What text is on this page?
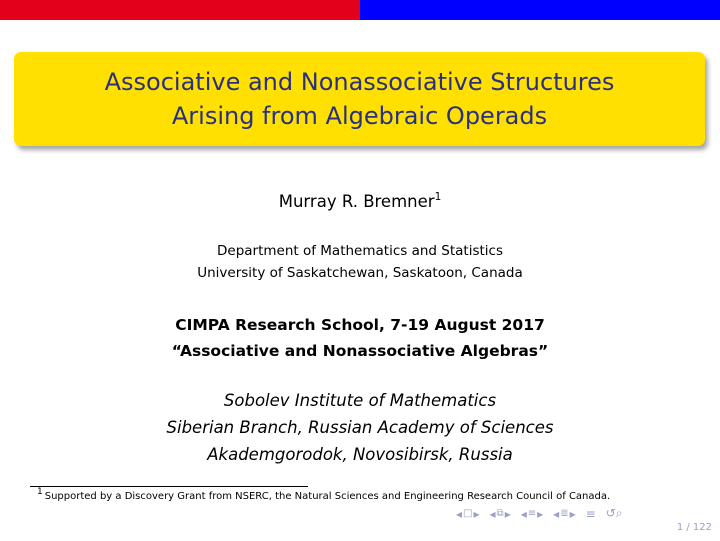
Associative and Nonassociative Structures
Arising from Algebraic Operads
Murray R. Bremner$^1$
Department of Mathematics and Statistics
University of Saskatchewan, Saskatoon, Canada
CIMPA Research School, 7-19 August 2017
“Associative and Nonassociative Algebras”
Sobolev Institute of Mathematics
Siberian Branch, Russian Academy of Sciences
Akademgorodok, Novosibirsk, Russia
1 Supported by a Discovery Grant from NSERC, the Natural Sciences and Engineering Research Council of Canada.
◂ □ ▸ ◂ ⧉ ▸ ◂ ≡ ▸ ◂ ≣ ▸ ≡ ↺⌕
1 / 122
